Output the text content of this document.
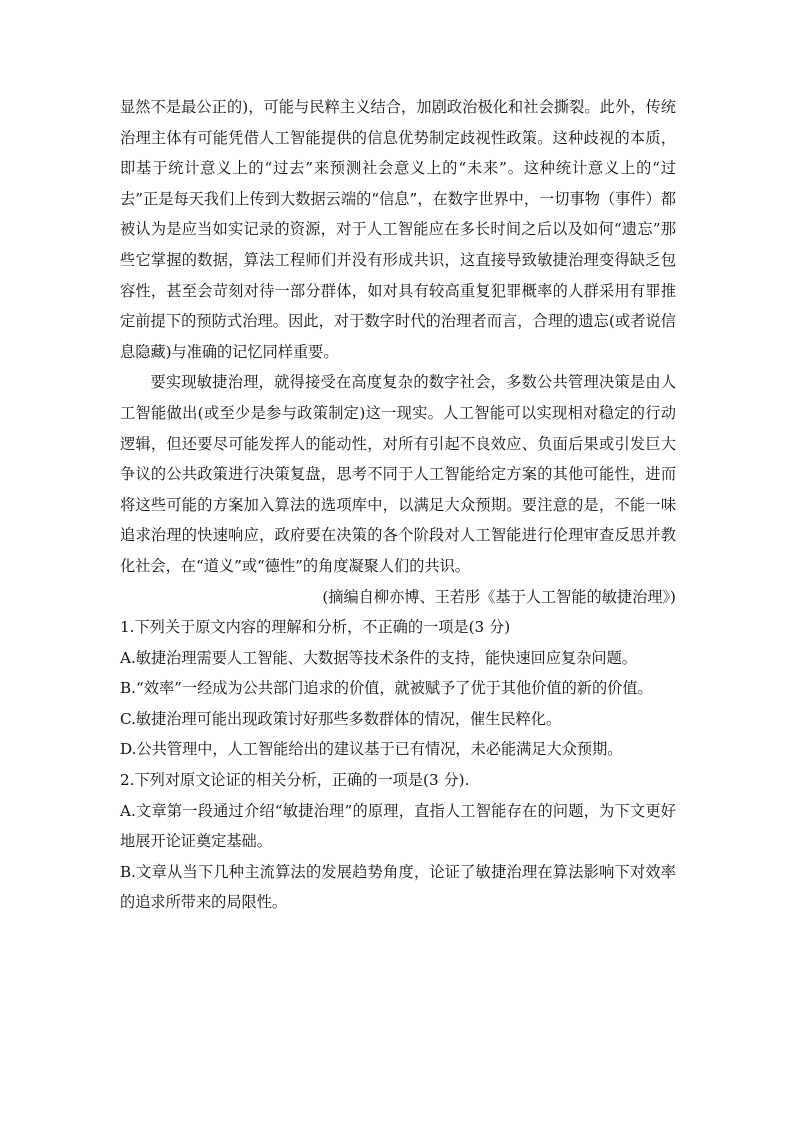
显然不是最公正的)，可能与民粹主义结合，加剧政治极化和社会撕裂。此外，传统治理主体有可能凭借人工智能提供的信息优势制定歧视性政策。这种歧视的本质，即基于统计意义上的“过去”来预测社会意义上的“未来”。这种统计意义上的“过去”正是每天我们上传到大数据云端的“信息”，在数字世界中，一切事物（事件）都被认为是应当如实记录的资源，对于人工智能应在多长时间之后以及如何“遗忘”那些它掌握的数据，算法工程师们并没有形成共识，这直接导致敏捷治理变得缺乏包容性，甚至会苛刻对待一部分群体，如对具有较高重复犯罪概率的人群采用有罪推定前提下的预防式治理。因此，对于数字时代的治理者而言，合理的遗忘(或者说信息隐藏)与准确的记忆同样重要。

要实现敏捷治理，就得接受在高度复杂的数字社会，多数公共管理决策是由人工智能做出(或至少是参与政策制定)这一现实。人工智能可以实现相对稳定的行动逻辑，但还要尽可能发挥人的能动性，对所有引起不良效应、负面后果或引发巨大争议的公共政策进行决策复盘，思考不同于人工智能给定方案的其他可能性，进而将这些可能的方案加入算法的选项库中，以满足大众预期。要注意的是，不能一味追求治理的快速响应，政府要在决策的各个阶段对人工智能进行伦理审查反思并教化社会，在“道义”或“德性”的角度凝聚人们的共识。

(摘编自柳亦博、王若彤《基于人工智能的敏捷治理》)

1.下列关于原文内容的理解和分析，不正确的一项是(3 分)

A.敏捷治理需要人工智能、大数据等技术条件的支持，能快速回应复杂问题。

B.“效率”一经成为公共部门追求的价值，就被赋予了优于其他价值的新的价值。

C.敏捷治理可能出现政策讨好那些多数群体的情况，催生民粹化。

D.公共管理中，人工智能给出的建议基于已有情况，未必能满足大众预期。

2.下列对原文论证的相关分析，正确的一项是(3 分).

A.文章第一段通过介绍“敏捷治理”的原理，直指人工智能存在的问题，为下文更好地展开论证奠定基础。

B.文章从当下几种主流算法的发展趋势角度，论证了敏捷治理在算法影响下对效率的追求所带来的局限性。
